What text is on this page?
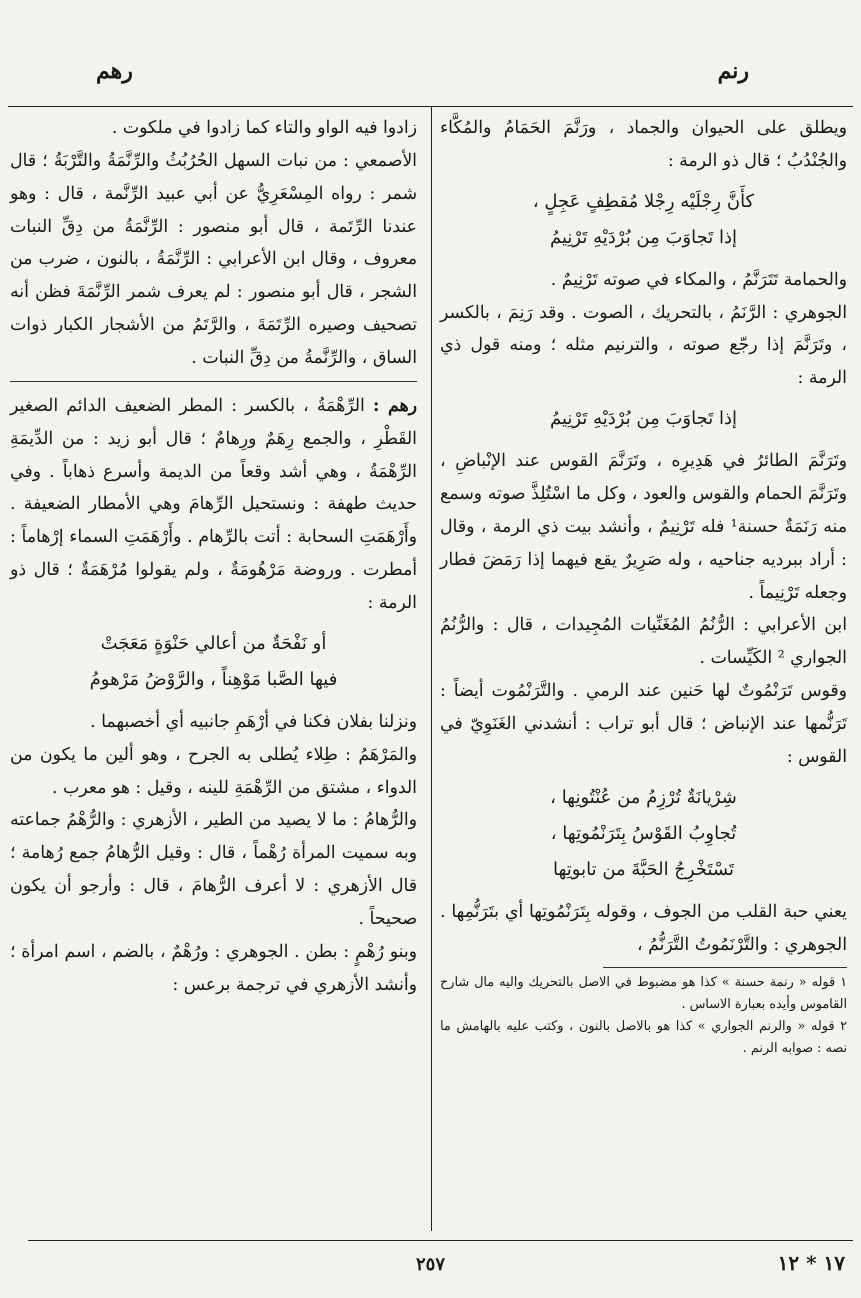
رنم
رهم

ويطلق على الحيوان والجماد ، ورَنَّمَ الحَمَامُ والمُكَّاء والجُنْدُبُ ؛ قال ذو الرمة :

كأَنَّ رِجْلَيْه رِجْلا مُقطِفٍ عَجِلٍ ،
إذا تَجاوَبَ مِن بُرْدَيْهِ تَرْنِيمُ

والحمامة تَتَرَنَّمُ ، والمكاء في صوته تَرْنِيمٌ .

الجوهري : الرَّنَمُ ، بالتحريك ، الصوت . وقد رَنِمَ ، بالكسر ، وتَرَنَّمَ إذا رجّع صوته ، والترنيم مثله ؛ ومنه قول ذي الرمة :

إذا تَجاوَبَ مِن بُرْدَيْهِ تَرْنِيمُ

وتَرَنَّمَ الطائرُ في هَدِيرِه ، وتَرَنَّمَ القوس عند الإنْباضِ ، وتَرَنَّمَ الحمام والقوس والعود ، وكل ما اسْتُلِذَّ صوته وسمع منه رَنَمَةٌ حسنة¹ فله تَرْنِيمٌ ، وأنشد بيت ذي الرمة ، وقال : أراد ببرديه جناحيه ، وله صَرِيرٌ يقع فيهما إذا رَمَضَ فطار وجعله تَرْنِيماً .

ابن الأعرابي : الرُّنُمُ المُغَنِّيات المُجِيدات ، قال : والرُّنُمُ الجواري ² الكَيِّسات .

وقوس تَرَنْمُوتٌ لها حَنين عند الرمي . والتَّرَنْمُوت أيضاً : تَرَنُّمها عند الإنباض ؛ قال أبو تراب : أنشدني الغَنَوِيّ في القوس :

شِرْيانَةٌ تُرْزِمُ من عُنْتُونِها ،
تُجاوِبُ القَوْسُ بِتَرَنْمُوتِها ،
تَسْتَخْرِجُ الحَبَّةَ من تابوتِها

يعني حبة القلب من الجوف ، وقوله بِتَرَنْمُوتِها أي بتَرَنُّمِها . الجوهري : والتَّرْنَمُوتُ التَّرَنُّمُ ،

١ قوله « رنمة حسنة » كذا هو مضبوط في الاصل بالتحريك واليه مال شارح القاموس وأيده بعبارة الاساس .

٢ قوله « والرنم الجواري » كذا هو بالاصل بالنون ، وكتب عليه بالهامش ما نصه : صوابه الرنم .

زادوا فيه الواو والتاء كما زادوا في ملكوت .

الأصمعي : من نبات السهل الحُرُبُثُ والرِّنَّمَةُ والتَّرْبَةُ ؛ قال شمر : رواه المِسْعَرِيُّ عن أبي عبيد الرِّنَّمة ، قال : وهو عندنا الرِّتَمة ، قال أبو منصور : الرِّنَّمَةُ من دِقِّ النبات معروف ، وقال ابن الأعرابي : الرِّنَّمَةُ ، بالنون ، ضرب من الشجر ، قال أبو منصور : لم يعرف شمر الرِّنَّمَةَ فظن أنه تصحيف وصيره الرِّتَمَةَ ، والرَّتَمُ من الأشجار الكبار ذوات الساق ، والرِّنَّمةُ من دِقِّ النبات .

رهم : الرِّهْمَةُ ، بالكسر : المطر الضعيف الدائم الصغير القَطْرِ ، والجمع رِهَمٌ ورِهامٌ ؛ قال أبو زيد : من الدِّيمَةِ الرِّهْمَةُ ، وهي أشد وقعاً من الديمة وأسرع ذهاباً . وفي حديث طهفة : ونستحيل الرِّهامَ وهي الأمطار الضعيفة . وأَرْهَمَتِ السحابة : أتت بالرِّهام . وأَرْهَمَتِ السماء إرْهاماً : أمطرت . وروضة مَرْهُومَةٌ ، ولم يقولوا مُرْهَمَةٌ ؛ قال ذو الرمة :

أو نَفْحَةٌ من أعالي حَنْوَةٍ مَعَجَتْ
فيها الصَّبا مَوْهِناً ، والرَّوْضُ مَرْهومُ

ونزلنا بفلان فكنا في أرْهَمِ جانبيه أي أخصبهما .

والمَرْهَمُ : طِلاء يُطلى به الجرح ، وهو ألين ما يكون من الدواء ، مشتق من الرِّهْمَةِ للينه ، وقيل : هو معرب .

والرُّهامُ : ما لا يصيد من الطير ، الأزهري : والرُّهْمُ جماعته وبه سميت المرأة رُهْماً ، قال : وقيل الرُّهامُ جمع رُهامة ؛ قال الأزهري : لا أعرف الرُّهامَ ، قال : وأرجو أن يكون صحيحاً .

وبنو رُهْمٍ : بطن . الجوهري : ورُهْمٌ ، بالضم ، اسم امرأة ؛ وأنشد الأزهري في ترجمة برعس :

٢٥٧	١٧ * ١٢
